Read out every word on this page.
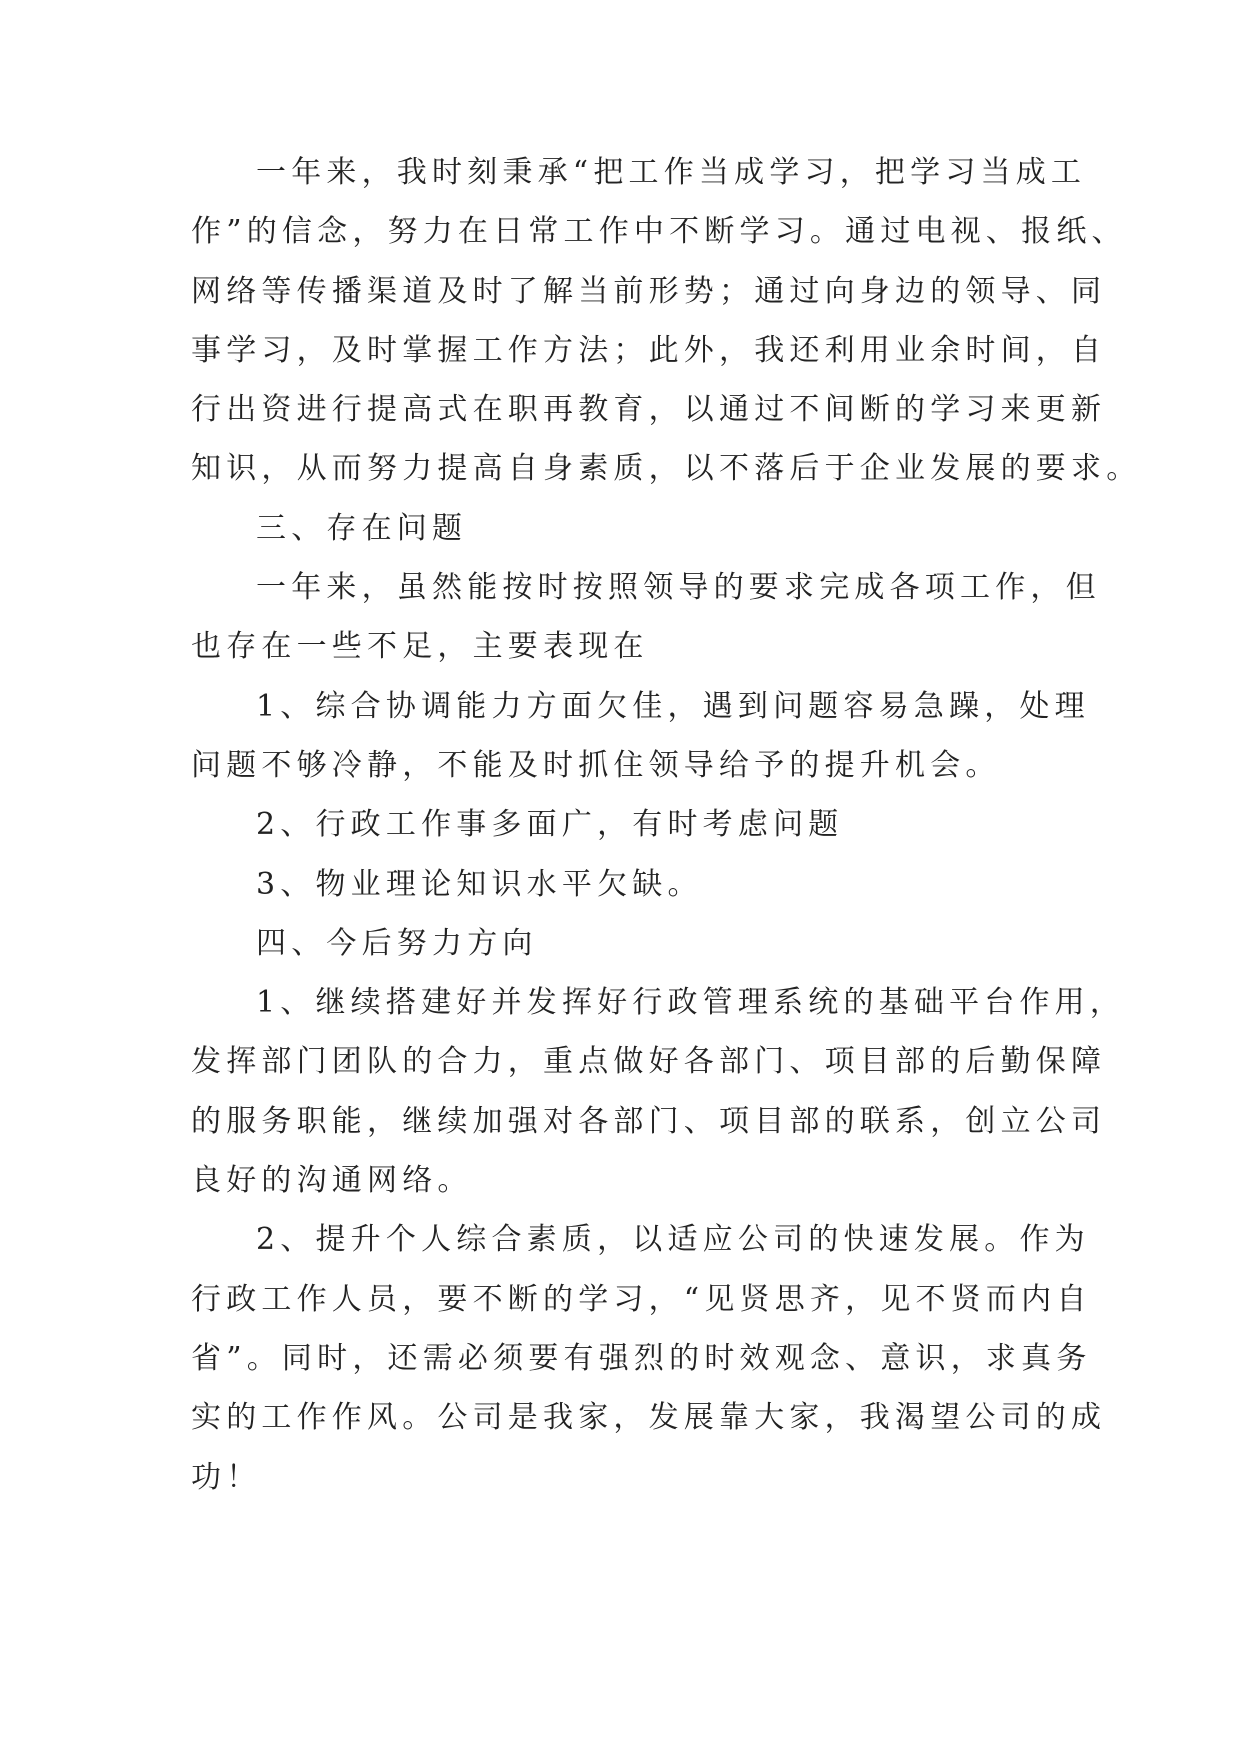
一年来，我时刻秉承“把工作当成学习，把学习当成工
作”的信念，努力在日常工作中不断学习。通过电视、报纸、
网络等传播渠道及时了解当前形势；通过向身边的领导、同
事学习，及时掌握工作方法；此外，我还利用业余时间，自
行出资进行提高式在职再教育，以通过不间断的学习来更新
知识，从而努力提高自身素质，以不落后于企业发展的要求。
三、存在问题
一年来，虽然能按时按照领导的要求完成各项工作，但
也存在一些不足，主要表现在
1、综合协调能力方面欠佳，遇到问题容易急躁，处理
问题不够冷静，不能及时抓住领导给予的提升机会。
2、行政工作事多面广，有时考虑问题
3、物业理论知识水平欠缺。
四、今后努力方向
1、继续搭建好并发挥好行政管理系统的基础平台作用，
发挥部门团队的合力，重点做好各部门、项目部的后勤保障
的服务职能，继续加强对各部门、项目部的联系，创立公司
良好的沟通网络。
2、提升个人综合素质，以适应公司的快速发展。作为
行政工作人员，要不断的学习，“见贤思齐，见不贤而内自
省”。同时，还需必须要有强烈的时效观念、意识，求真务
实的工作作风。公司是我家，发展靠大家，我渴望公司的成
功！
